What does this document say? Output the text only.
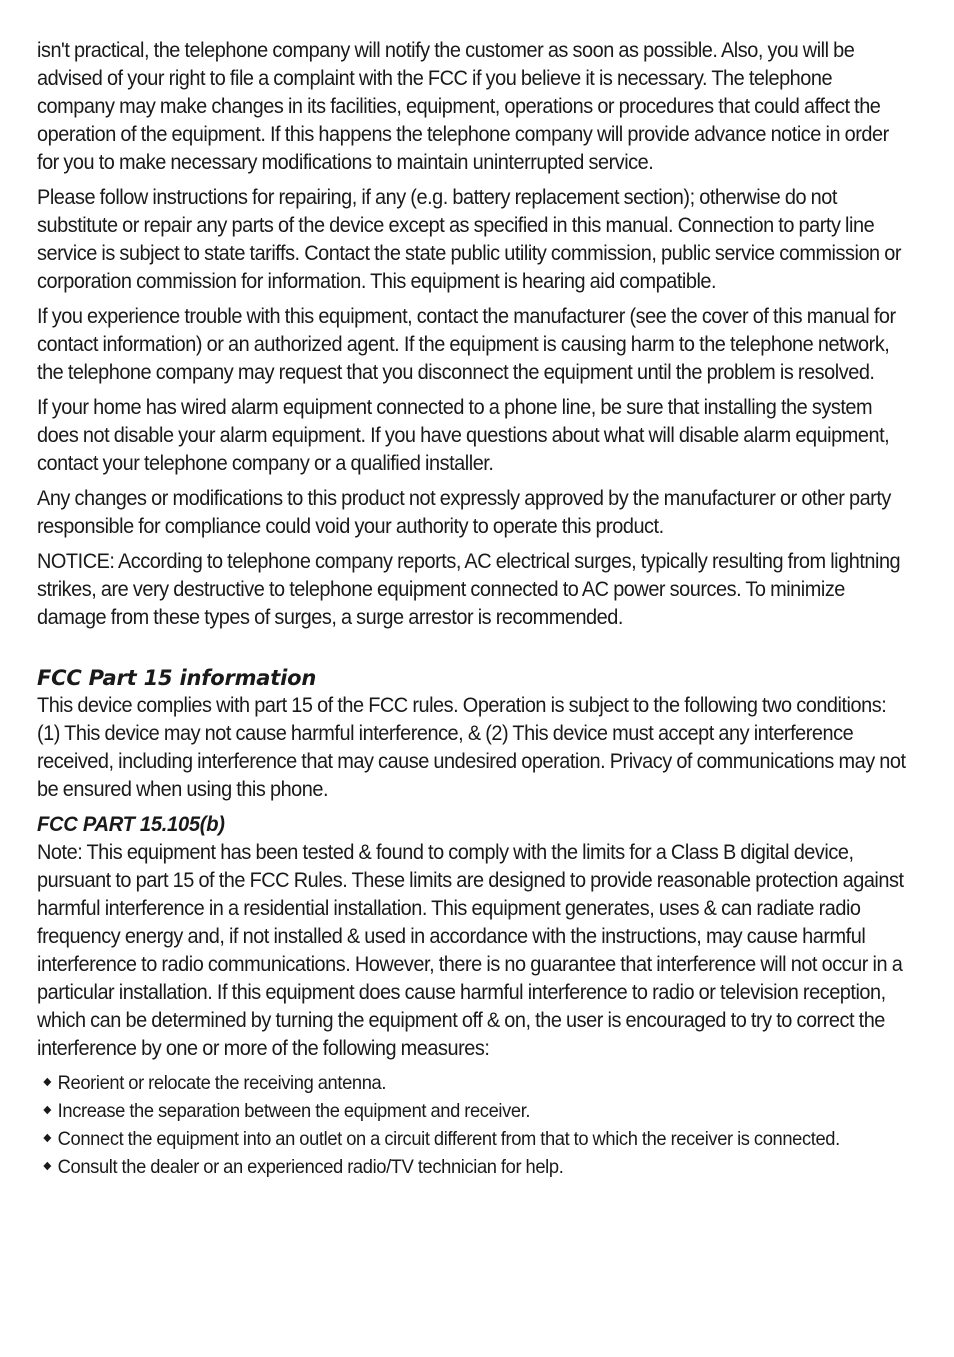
isn't practical, the telephone company will notify the customer as soon as possible. Also, you will be advised of your right to file a complaint with the FCC if you believe it is necessary. The telephone company may make changes in its facilities, equipment, operations or procedures that could affect the operation of the equipment. If this happens the telephone company will provide advance notice in order for you to make necessary modifications to maintain uninterrupted service.

Please follow instructions for repairing, if any (e.g. battery replacement section); otherwise do not substitute or repair any parts of the device except as specified in this manual. Connection to party line service is subject to state tariffs. Contact the state public utility commission, public service commission or corporation commission for information. This equipment is hearing aid compatible.

If you experience trouble with this equipment, contact the manufacturer (see the cover of this manual for contact information) or an authorized agent. If the equipment is causing harm to the telephone network, the telephone company may request that you disconnect the equipment until the problem is resolved.

If your home has wired alarm equipment connected to a phone line, be sure that installing the system does not disable your alarm equipment. If you have questions about what will disable alarm equipment, contact your telephone company or a qualified installer.

Any changes or modifications to this product not expressly approved by the manufacturer or other party responsible for compliance could void your authority to operate this product.

NOTICE: According to telephone company reports, AC electrical surges, typically resulting from lightning strikes, are very destructive to telephone equipment connected to AC power sources. To minimize damage from these types of surges, a surge arrestor is recommended.

FCC Part 15 information

This device complies with part 15 of the FCC rules. Operation is subject to the following two conditions: (1) This device may not cause harmful interference, & (2) This device must accept any interference received, including interference that may cause undesired operation. Privacy of communications may not be ensured when using this phone.

FCC PART 15.105(b)

Note: This equipment has been tested & found to comply with the limits for a Class B digital device, pursuant to part 15 of the FCC Rules. These limits are designed to provide reasonable protection against harmful interference in a residential installation. This equipment generates, uses & can radiate radio frequency energy and, if not installed & used in accordance with the instructions, may cause harmful interference to radio communications. However, there is no guarantee that interference will not occur in a particular installation. If this equipment does cause harmful interference to radio or television reception, which can be determined by turning the equipment off & on, the user is encouraged to try to correct the interference by one or more of the following measures:

Reorient or relocate the receiving antenna.
Increase the separation between the equipment and receiver.
Connect the equipment into an outlet on a circuit different from that to which the receiver is connected.
Consult the dealer or an experienced radio/TV technician for help.
